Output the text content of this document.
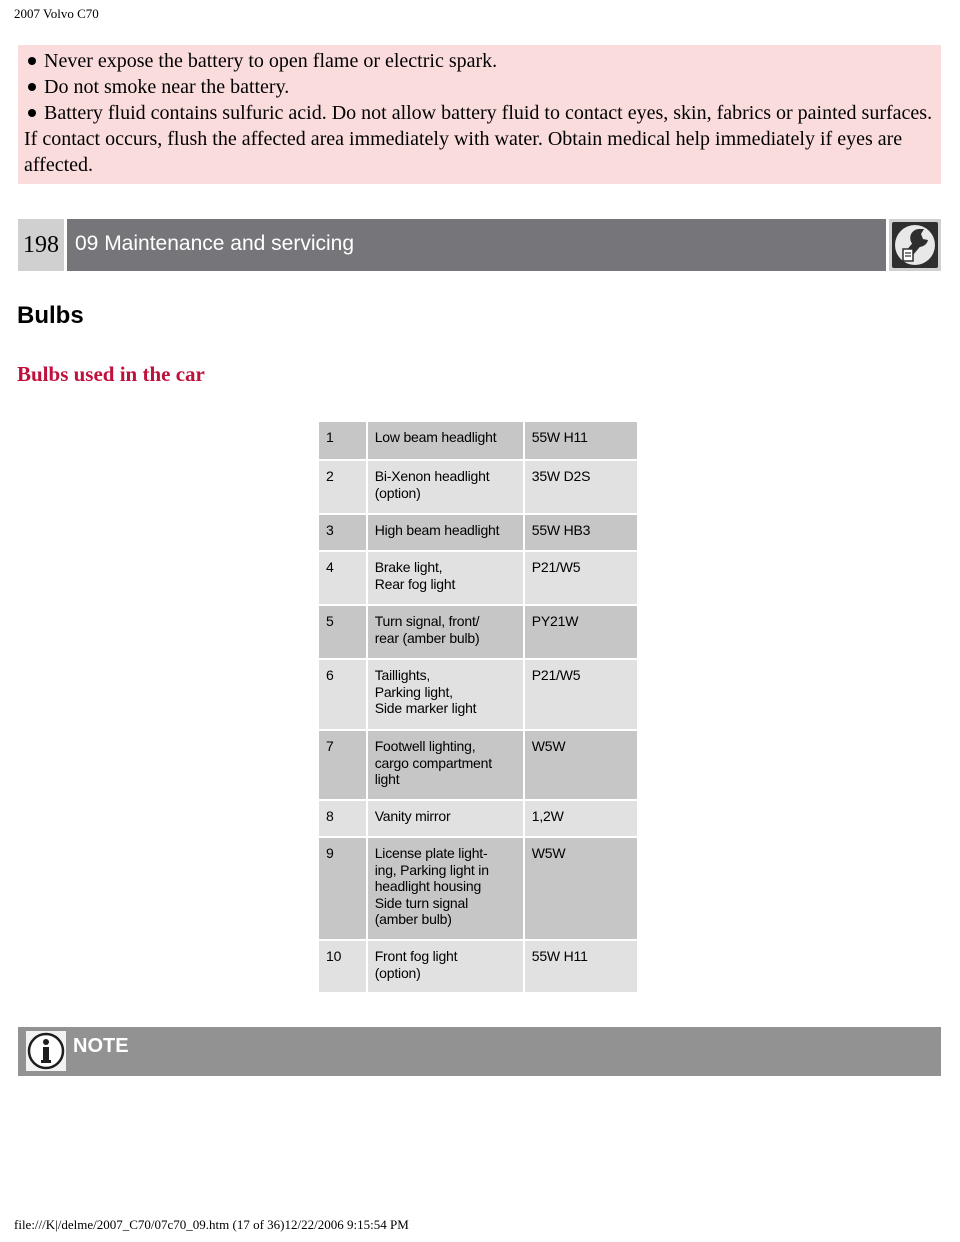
2007 Volvo C70

Never expose the battery to open flame or electric spark.

Do not smoke near the battery.

Battery fluid contains sulfuric acid. Do not allow battery fluid to contact eyes, skin, fabrics or painted surfaces. If contact occurs, flush the affected area immediately with water. Obtain medical help immediately if eyes are affected.

198 09 Maintenance and servicing
Bulbs
Bulbs used in the car
1	Low beam headlight	55W H11
2	Bi-Xenon headlight
(option)	35W D2S
3	High beam headlight	55W HB3
4	Brake light,
Rear fog light	P21/W5
5	Turn signal, front/
rear (amber bulb)	PY21W
6	Taillights,
Parking light,
Side marker light	P21/W5
7	Footwell lighting,
cargo compartment
light	W5W
8	Vanity mirror	1,2W
9	License plate light-
ing, Parking light in
headlight housing
Side turn signal
(amber bulb)	W5W
10	Front fog light
(option)	55W H11
NOTE
file:///K|/delme/2007_C70/07c70_09.htm (17 of 36)12/22/2006 9:15:54 PM
